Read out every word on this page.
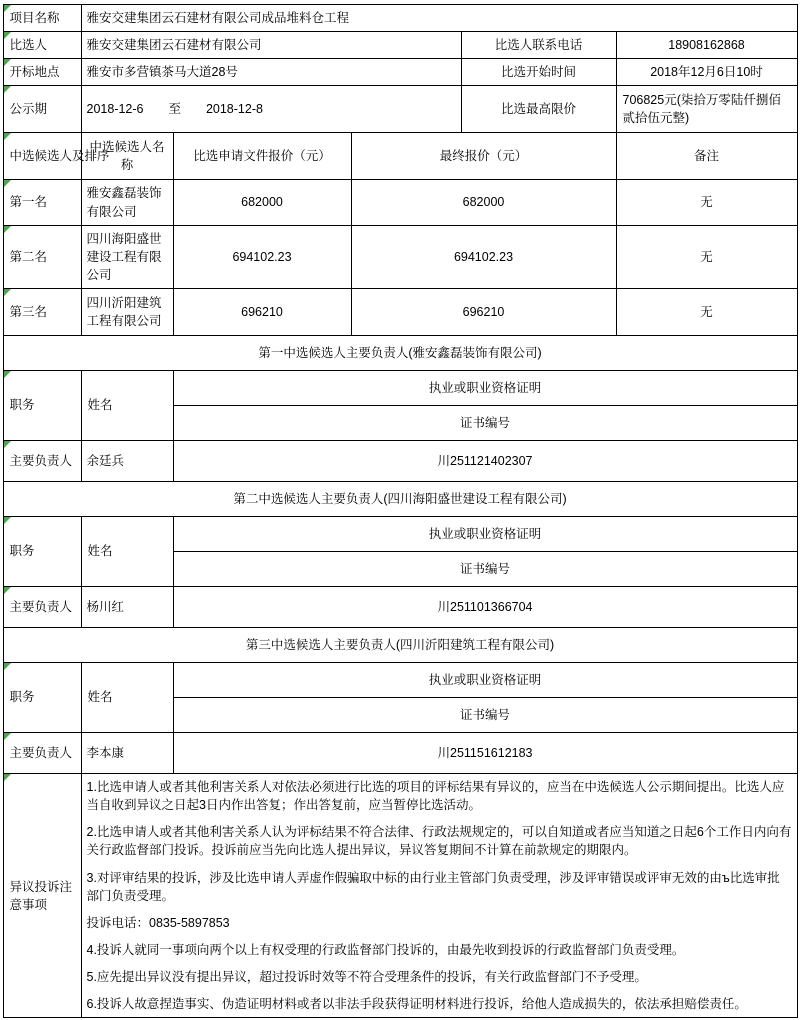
项目名称	雅安交建集团云石建材有限公司成品堆料仓工程				
比选人	雅安交建集团云石建材有限公司			比选人联系电话	18908162868
开标地点	雅安市多营镇茶马大道28号			比选开始时间	2018年12月6日10时
公示期	2018-12-6 至 2018-12-8			比选最高限价	706825元(柒拾万零陆仟捌佰贰拾伍元整)
中选候选人及排序	中选候选人名称	比选申请文件报价（元）	最终报价（元）		备注
第一名	雅安鑫磊装饰有限公司	682000	682000		无
第二名	四川海阳盛世建设工程有限公司	694102.23	694102.23		无
第三名	四川沂阳建筑工程有限公司	696210	696210		无
第一中选候选人主要负责人(雅安鑫磊装饰有限公司)					
职务	姓名	执业或职业资格证明			
		证书编号			
主要负责人	余廷兵	川251121402307			
第二中选候选人主要负责人(四川海阳盛世建设工程有限公司)					
职务	姓名	执业或职业资格证明			
		证书编号			
主要负责人	杨川红	川251101366704			
第三中选候选人主要负责人(四川沂阳建筑工程有限公司)					
职务	姓名	执业或职业资格证明			
		证书编号			
主要负责人	李本康	川251151612183			
异议投诉注意事项	

1.比选申请人或者其他利害关系人对依法必须进行比选的项目的评标结果有异议的，应当在中选候选人公示期间提出。比选人应当自收到异议之日起3日内作出答复；作出答复前，应当暂停比选活动。

2.比选申请人或者其他利害关系人认为评标结果不符合法律、行政法规规定的，可以自知道或者应当知道之日起6个工作日内向有关行政监督部门投诉。投诉前应当先向比选人提出异议，异议答复期间不计算在前款规定的期限内。

3.对评审结果的投诉，涉及比选申请人弄虚作假骗取中标的由行业主管部门负责受理，涉及评审错误或评审无效的由ъ比选审批部门负责受理。

投诉电话：0835-5897853

4.投诉人就同一事项向两个以上有权受理的行政监督部门投诉的，由最先收到投诉的行政监督部门负责受理。

5.应先提出异议没有提出异议，超过投诉时效等不符合受理条件的投诉，有关行政监督部门不予受理。

6.投诉人故意捏造事实、伪造证明材料或者以非法手段获得证明材料进行投诉，给他人造成损失的，依法承担赔偿责任。
